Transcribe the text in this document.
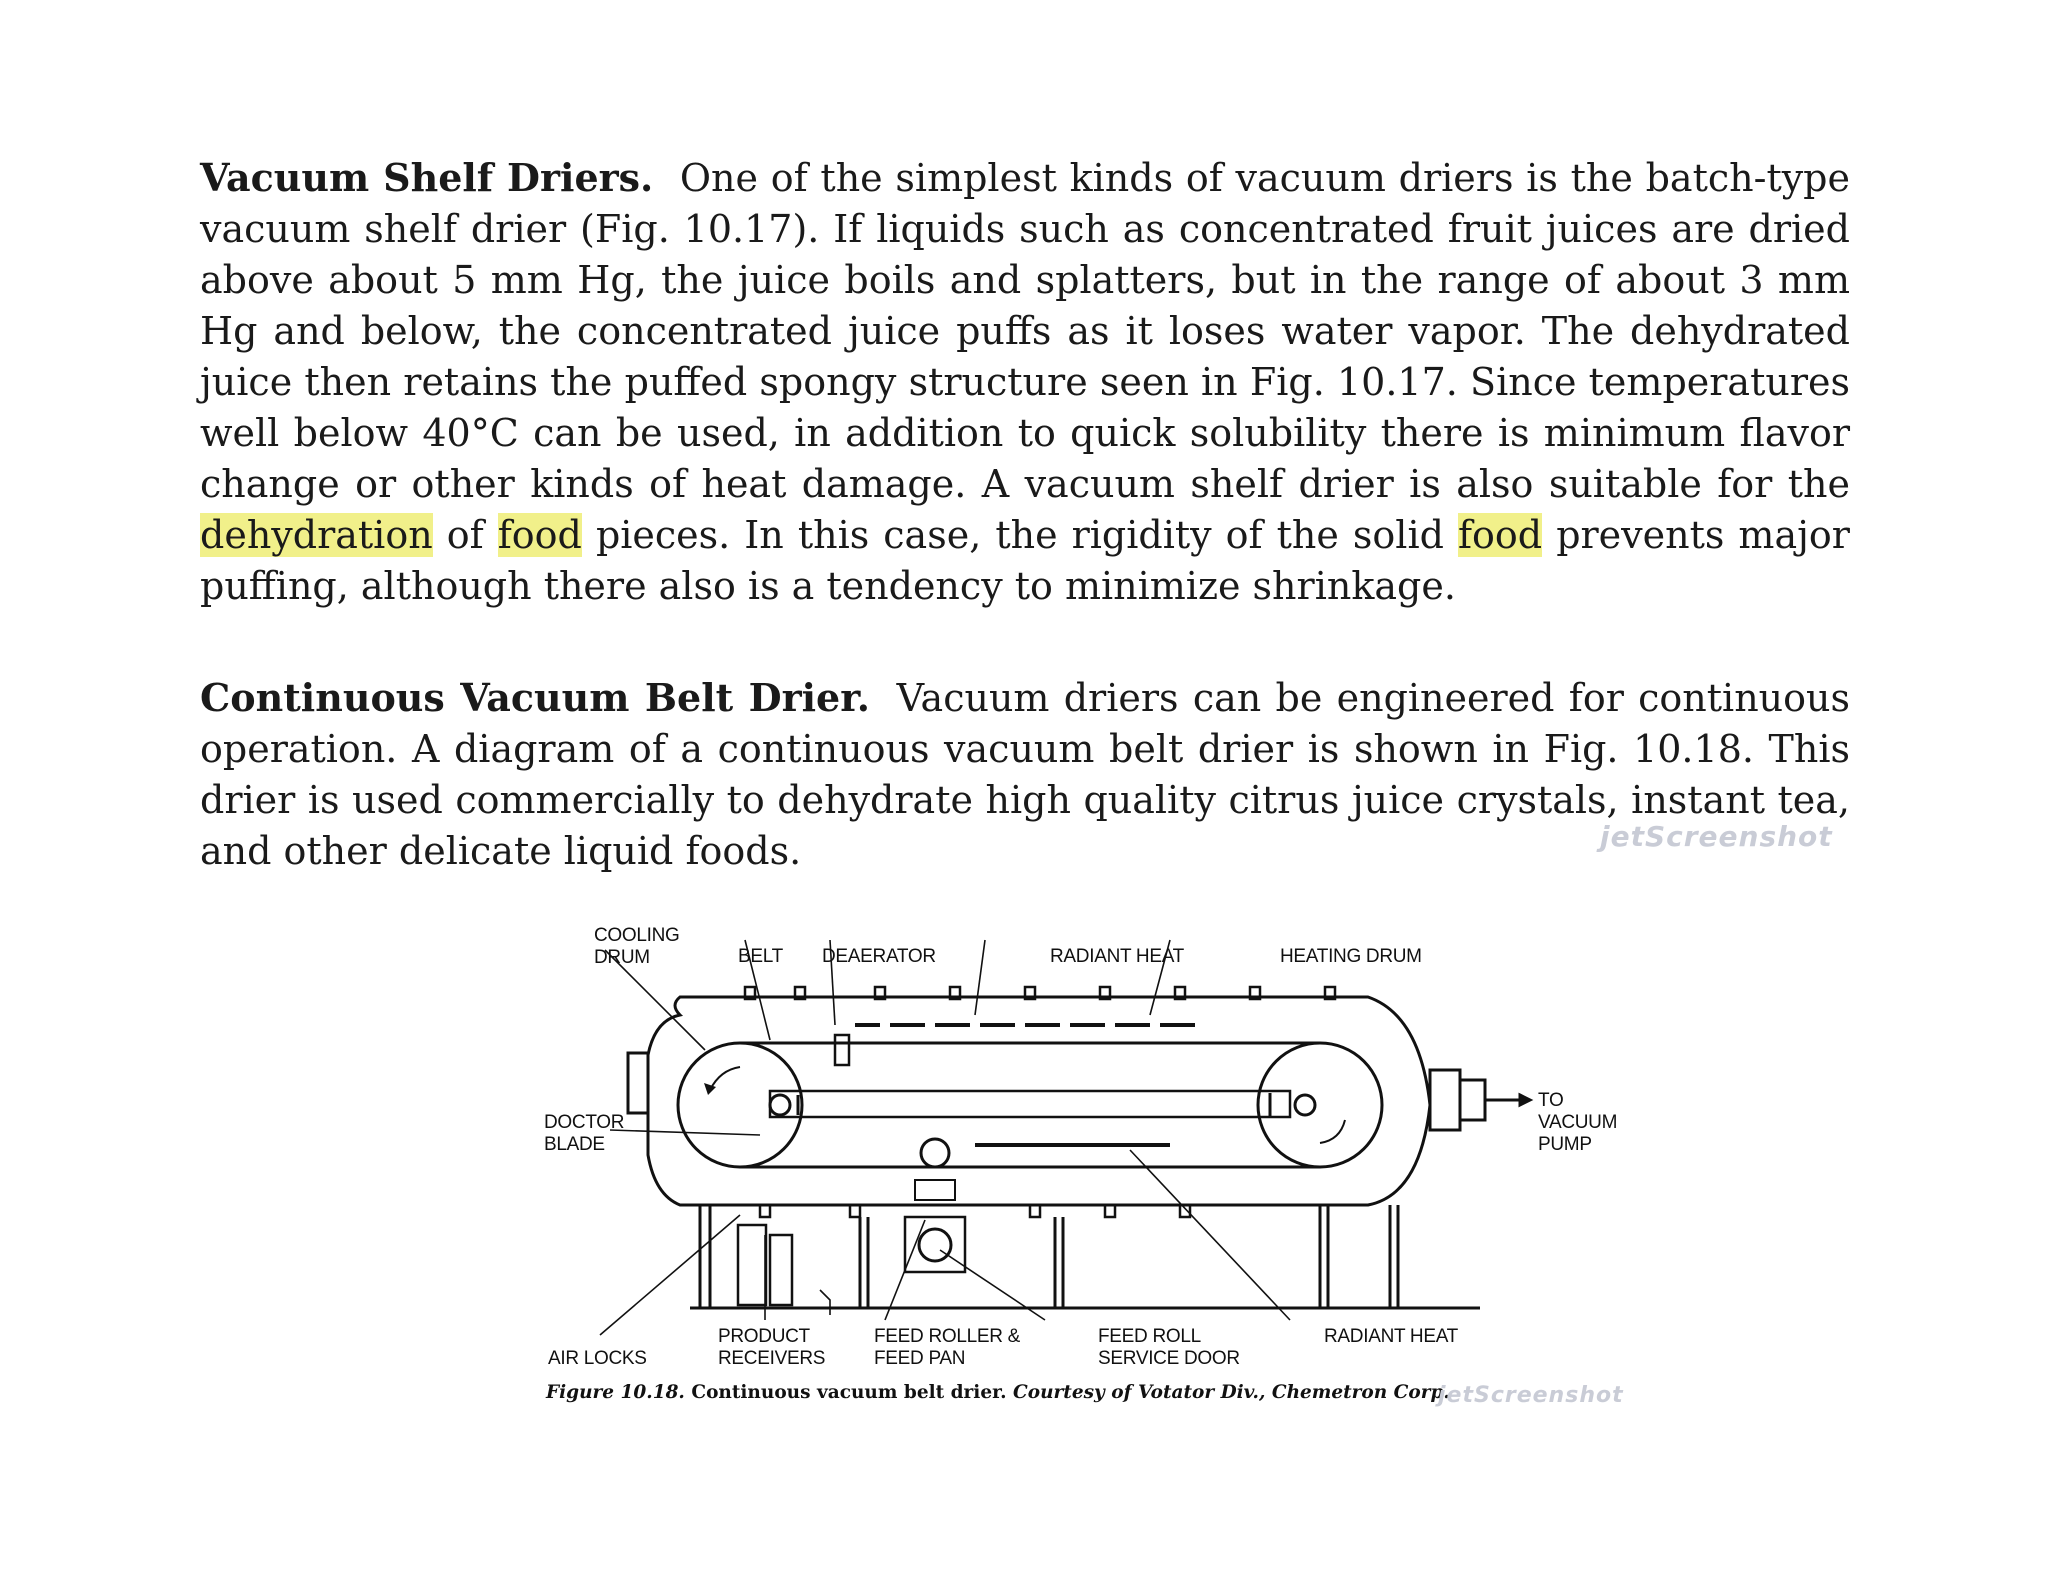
Vacuum Shelf Driers. One of the simplest kinds of vacuum driers is the batch-type vacuum shelf drier (Fig. 10.17). If liquids such as concentrated fruit juices are dried above about 5 mm Hg, the juice boils and splatters, but in the range of about 3 mm Hg and below, the concentrated juice puffs as it loses water vapor. The dehydrated juice then retains the puffed spongy structure seen in Fig. 10.17. Since temperatures well below 40°C can be used, in addition to quick solubility there is minimum flavor change or other kinds of heat damage. A vacuum shelf drier is also suitable for the dehydration of food pieces. In this case, the rigidity of the solid food prevents major puffing, although there also is a tendency to minimize shrinkage.

Continuous Vacuum Belt Drier. Vacuum driers can be engineered for continuous operation. A diagram of a continuous vacuum belt drier is shown in Fig. 10.18. This drier is used commercially to dehydrate high quality citrus juice crystals, instant tea, and other delicate liquid foods.	jetScreenshot
COOLING
DRUM	BELT DEAERATOR	RADIANT HEAT	HEATING DRUM
DOCTOR
BLADE
TO
VACUUM
PUMP
AIR LOCKS
PRODUCT
RECEIVERS
FEED ROLLER &
FEED PAN
FEED ROLL
SERVICE DOOR
RADIANT HEAT
Figure 10.18. Continuous vacuum belt drier. Courtesy of Votator Div., Chemetron Corp.
jetScreenshot
